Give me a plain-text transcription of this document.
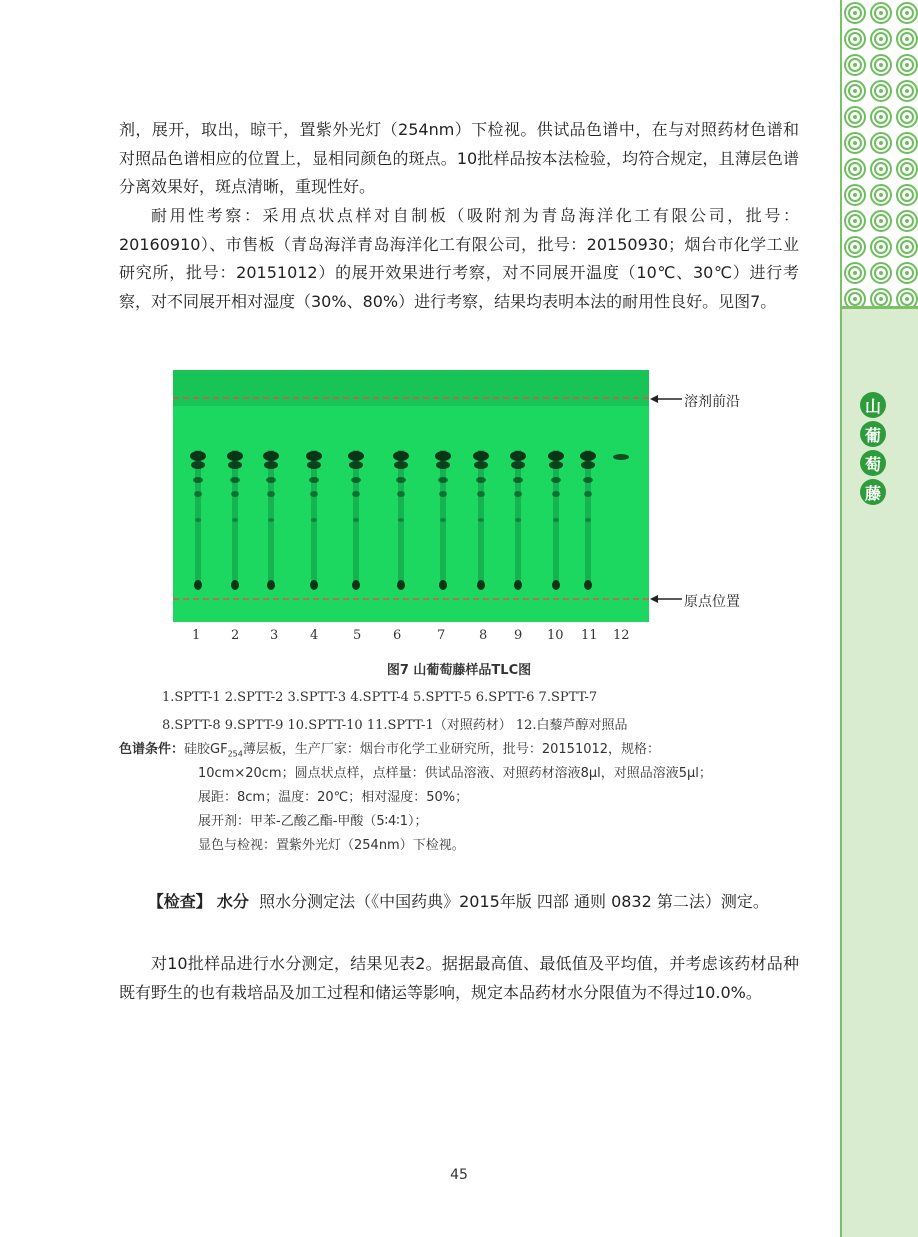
山
葡
萄
藤

剂，展开，取出，晾干，置紫外光灯（254nm）下检视。供试品色谱中，在与对照药材色谱和对照品色谱相应的位置上，显相同颜色的斑点。10批样品按本法检验，均符合规定，且薄层色谱分离效果好，斑点清晰，重现性好。

耐用性考察：采用点状点样对自制板（吸附剂为青岛海洋化工有限公司，批号：20160910）、市售板（青岛海洋青岛海洋化工有限公司，批号：20150930；烟台市化学工业研究所，批号：20151012）的展开效果进行考察，对不同展开温度（10℃、30℃）进行考察，对不同展开相对湿度（30%、80%）进行考察，结果均表明本法的耐用性良好。见图7。

溶剂前沿
原点位置
1 2 3 4	5 6	7	8 9 10 11 12
图7 山葡萄藤样品TLC图
1.SPTT-1 2.SPTT-2 3.SPTT-3 4.SPTT-4 5.SPTT-5 6.SPTT-6 7.SPTT-7
8.SPTT-8 9.SPTT-9 10.SPTT-10 11.SPTT-1（对照药材） 12.白藜芦醇对照品
色谱条件：硅胶$GF_{254}$薄层板，生产厂家：烟台市化学工业研究所，批号：20151012，规格：
10cm×20cm；圆点状点样，点样量：供试品溶液、对照药材溶液8μl，对照品溶液5μl；
展距：8cm；温度：20℃；相对湿度：50%；
展开剂：甲苯-乙酸乙酯-甲酸（5∶4∶1）；
显色与检视：置紫外光灯（254nm）下检视。

【检查】 水分 照水分测定法（《中国药典》2015年版 四部 通则 0832 第二法）测定。

对10批样品进行水分测定，结果见表2。据据最高值、最低值及平均值，并考虑该药材品种既有野生的也有栽培品及加工过程和储运等影响，规定本品药材水分限值为不得过10.0%。

45
